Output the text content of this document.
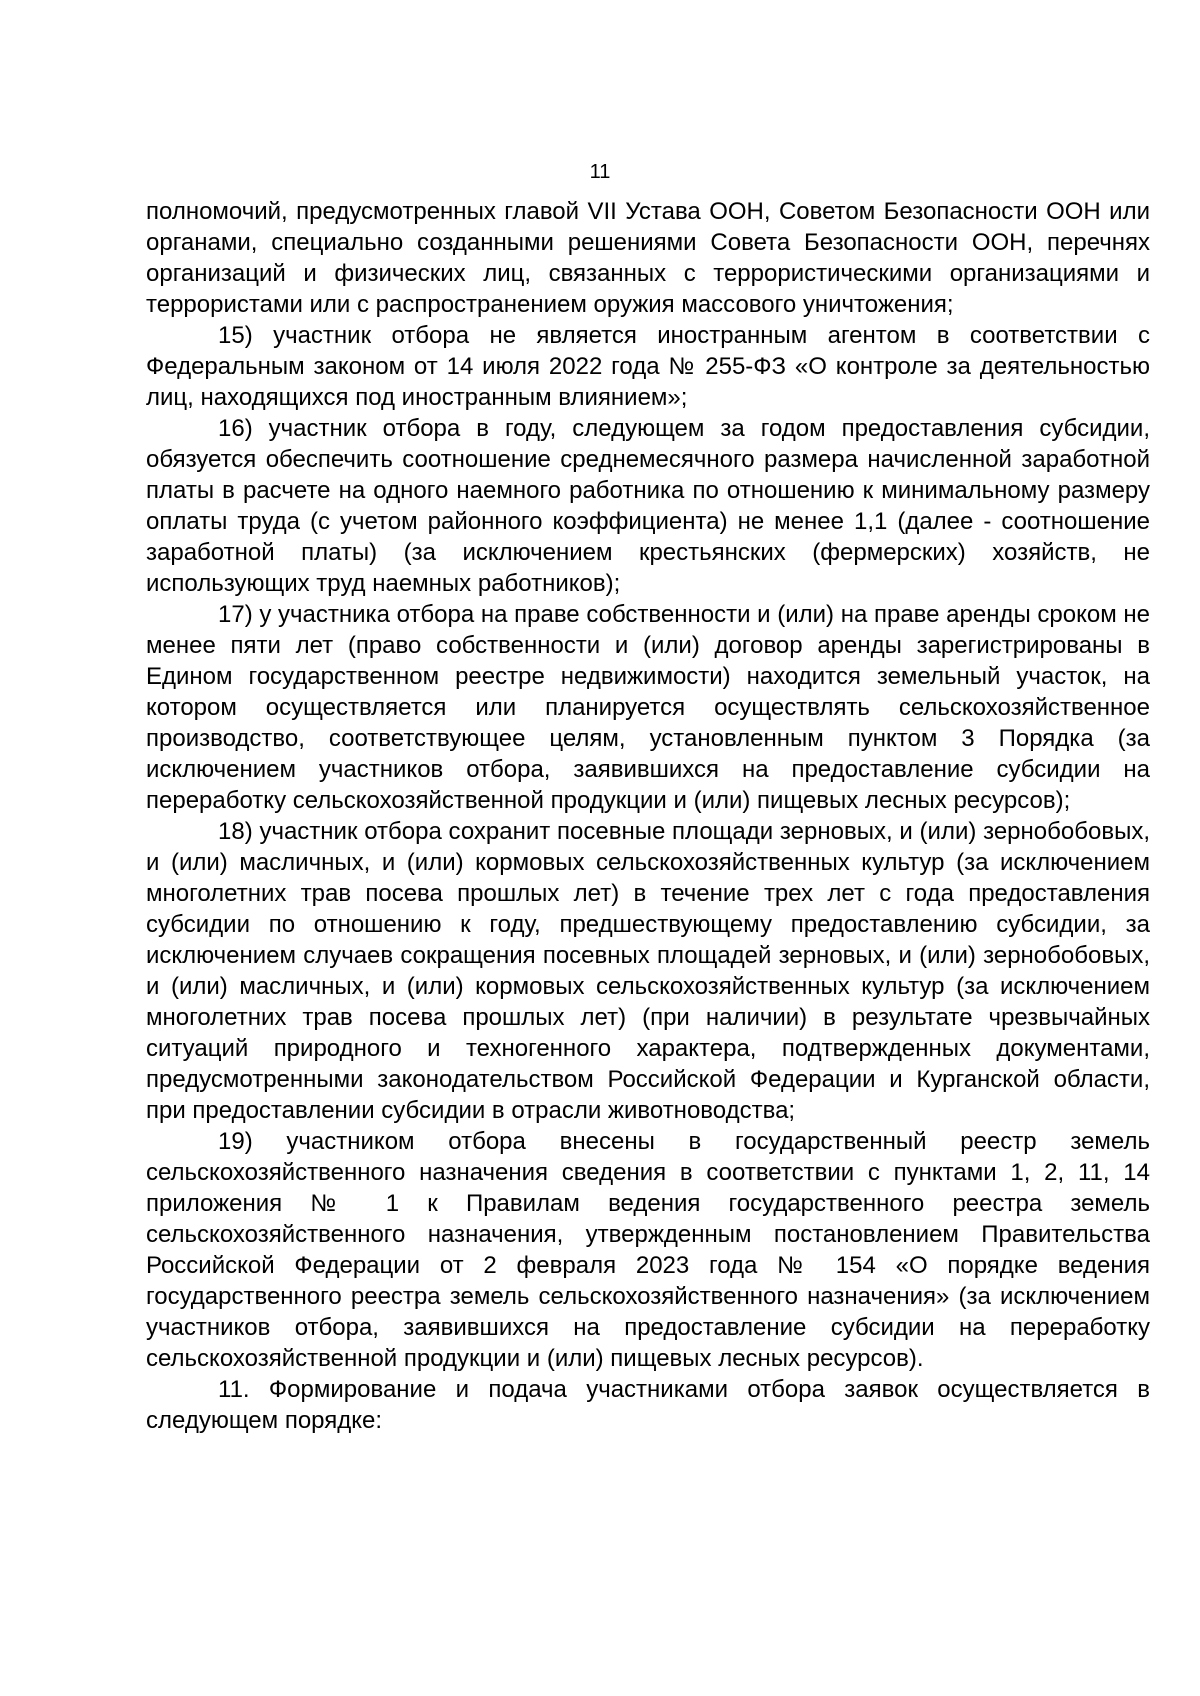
11

полномочий, предусмотренных главой VII Устава ООН, Советом Безопасности ООН или органами, специально созданными решениями Совета Безопасности ООН, перечнях организаций и физических лиц, связанных с террористическими организациями и террористами или с распространением оружия массового уничтожения;

15) участник отбора не является иностранным агентом в соответствии с Федеральным законом от 14 июля 2022 года № 255-ФЗ «О контроле за деятельностью лиц, находящихся под иностранным влиянием»;

16) участник отбора в году, следующем за годом предоставления субсидии, обязуется обеспечить соотношение среднемесячного размера начисленной заработной платы в расчете на одного наемного работника по отношению к минимальному размеру оплаты труда (с учетом районного коэффициента) не менее 1,1 (далее - соотношение заработной платы) (за исключением крестьянских (фермерских) хозяйств, не использующих труд наемных работников);

17) у участника отбора на праве собственности и (или) на праве аренды сроком не менее пяти лет (право собственности и (или) договор аренды зарегистрированы в Едином государственном реестре недвижимости) находится земельный участок, на котором осуществляется или планируется осуществлять сельскохозяйственное производство, соответствующее целям, установленным пунктом 3 Порядка (за исключением участников отбора, заявившихся на предоставление субсидии на переработку сельскохозяйственной продукции и (или) пищевых лесных ресурсов);

18) участник отбора сохранит посевные площади зерновых, и (или) зернобобовых, и (или) масличных, и (или) кормовых сельскохозяйственных культур (за исключением многолетних трав посева прошлых лет) в течение трех лет с года предоставления субсидии по отношению к году, предшествующему предоставлению субсидии, за исключением случаев сокращения посевных площадей зерновых, и (или) зернобобовых, и (или) масличных, и (или) кормовых сельскохозяйственных культур (за исключением многолетних трав посева прошлых лет) (при наличии) в результате чрезвычайных ситуаций природного и техногенного характера, подтвержденных документами, предусмотренными законодательством Российской Федерации и Курганской области, при предоставлении субсидии в отрасли животноводства;

19) участником отбора внесены в государственный реестр земель сельскохозяйственного назначения сведения в соответствии с пунктами 1, 2, 11, 14 приложения № 1 к Правилам ведения государственного реестра земель сельскохозяйственного назначения, утвержденным постановлением Правительства Российской Федерации от 2 февраля 2023 года № 154 «О порядке ведения государственного реестра земель сельскохозяйственного назначения» (за исключением участников отбора, заявившихся на предоставление субсидии на переработку сельскохозяйственной продукции и (или) пищевых лесных ресурсов).

11. Формирование и подача участниками отбора заявок осуществляется в следующем порядке:
